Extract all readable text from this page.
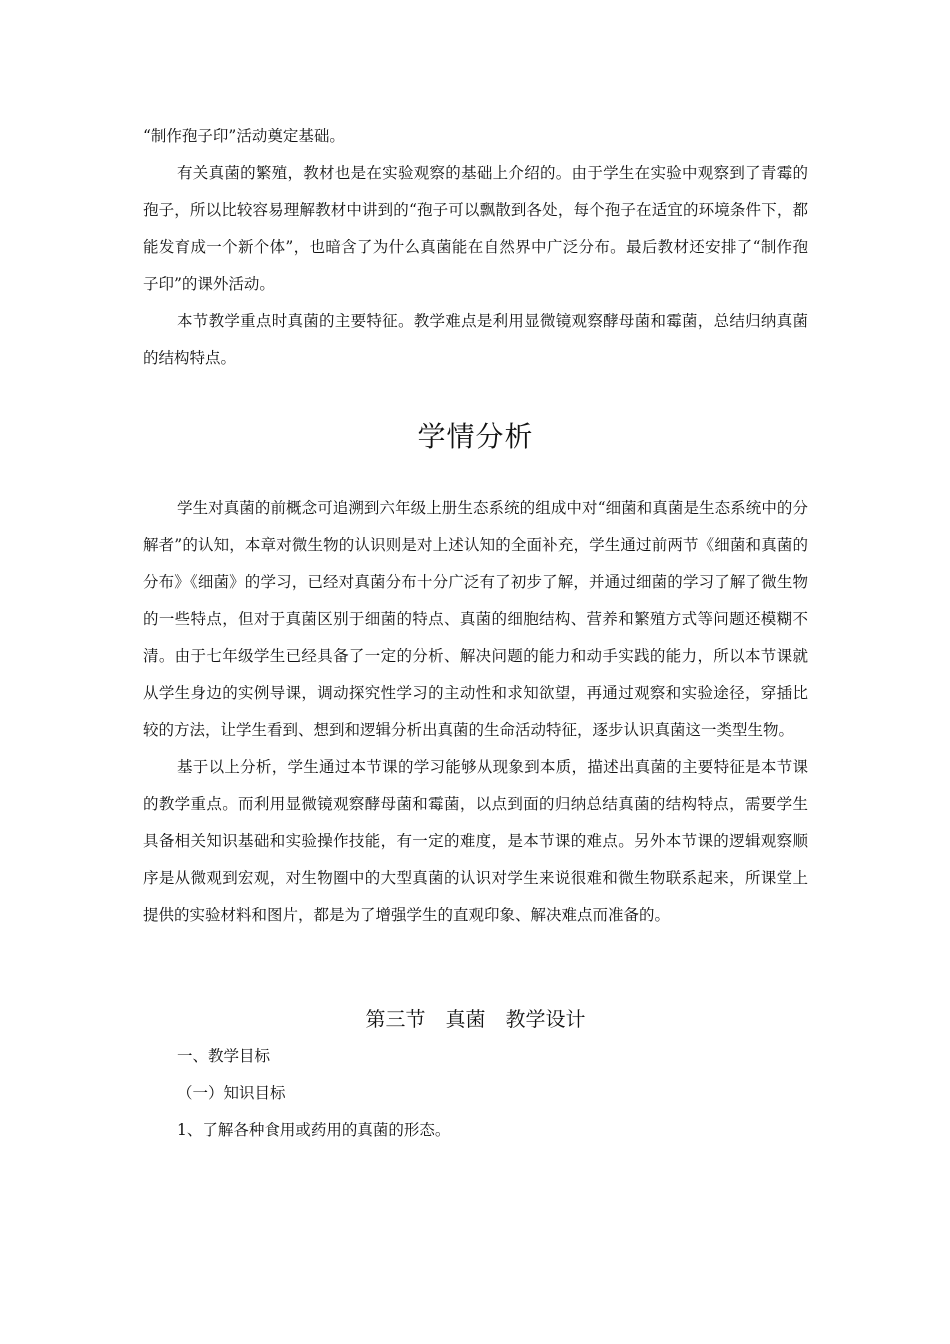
“制作孢子印”活动奠定基础。

有关真菌的繁殖，教材也是在实验观察的基础上介绍的。由于学生在实验中观察到了青霉的孢子，所以比较容易理解教材中讲到的“孢子可以飘散到各处，每个孢子在适宜的环境条件下，都能发育成一个新个体”，也暗含了为什么真菌能在自然界中广泛分布。最后教材还安排了“制作孢子印”的课外活动。

本节教学重点时真菌的主要特征。教学难点是利用显微镜观察酵母菌和霉菌，总结归纳真菌的结构特点。

学情分析

学生对真菌的前概念可追溯到六年级上册生态系统的组成中对“细菌和真菌是生态系统中的分解者”的认知，本章对微生物的认识则是对上述认知的全面补充，学生通过前两节《细菌和真菌的分布》《细菌》的学习，已经对真菌分布十分广泛有了初步了解，并通过细菌的学习了解了微生物的一些特点，但对于真菌区别于细菌的特点、真菌的细胞结构、营养和繁殖方式等问题还模糊不清。由于七年级学生已经具备了一定的分析、解决问题的能力和动手实践的能力，所以本节课就从学生身边的实例导课，调动探究性学习的主动性和求知欲望，再通过观察和实验途径，穿插比较的方法，让学生看到、想到和逻辑分析出真菌的生命活动特征，逐步认识真菌这一类型生物。

基于以上分析，学生通过本节课的学习能够从现象到本质，描述出真菌的主要特征是本节课的教学重点。而利用显微镜观察酵母菌和霉菌，以点到面的归纳总结真菌的结构特点，需要学生具备相关知识基础和实验操作技能，有一定的难度，是本节课的难点。另外本节课的逻辑观察顺序是从微观到宏观，对生物圈中的大型真菌的认识对学生来说很难和微生物联系起来，所课堂上提供的实验材料和图片，都是为了增强学生的直观印象、解决难点而准备的。

第三节　真菌　教学设计
一、教学目标
（一）知识目标
1、了解各种食用或药用的真菌的形态。
